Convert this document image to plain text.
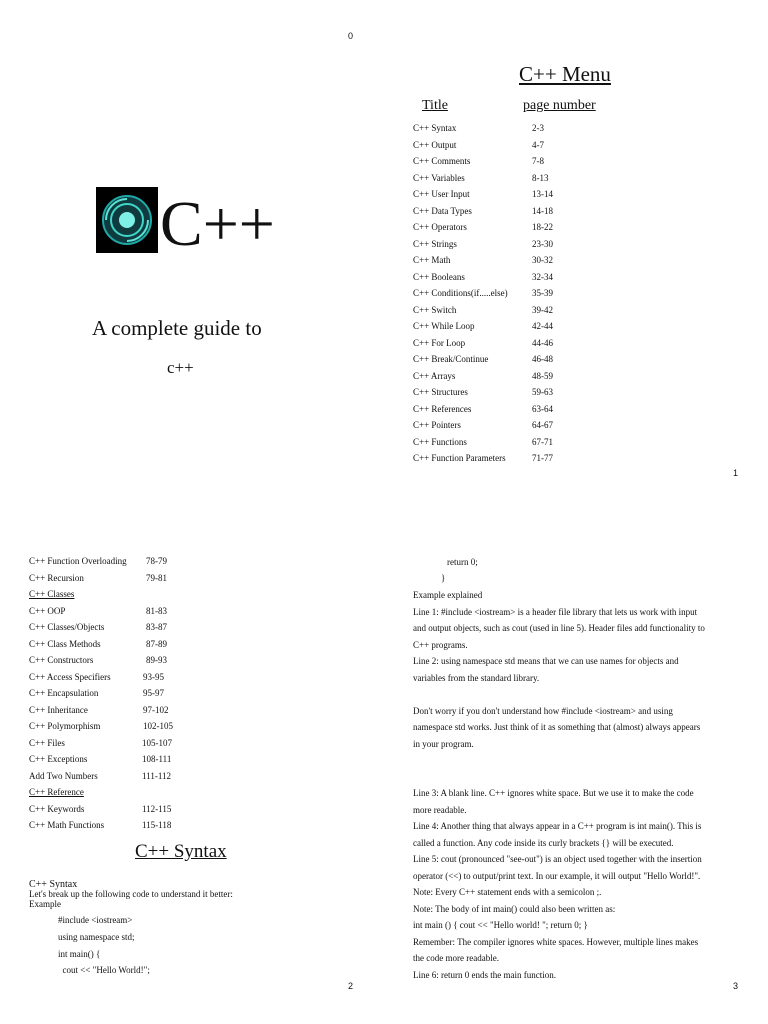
0
1
2	3
C++
A complete guide to
c++
C++ Menu
Title	page number
C++ Syntax	2-3
C++ Output	4-7
C++ Comments	7-8
C++ Variables	8-13
C++ User Input	13-14
C++ Data Types	14-18
C++ Operators	18-22
C++ Strings	23-30
C++ Math	30-32
C++ Booleans	32-34
C++ Conditions(if.....else)	35-39
C++ Switch	39-42
C++ While Loop	42-44
C++ For Loop	44-46
C++ Break/Continue	46-48
C++ Arrays	48-59
C++ Structures	59-63
C++ References	63-64
C++ Pointers	64-67
C++ Functions	67-71
C++ Function Parameters	71-77
C++ Function Overloading 78-79
C++ Recursion	79-81
C++ Classes
C++ OOP	81-83
C++ Classes/Objects	83-87
C++ Class Methods	87-89
C++ Constructors	89-93
C++ Access Specifiers	93-95
C++ Encapsulation	95-97
C++ Inheritance	97-102
C++ Polymorphism	102-105
C++ Files	105-107
C++ Exceptions	108-111
Add Two Numbers	111-112
C++ Reference
C++ Keywords	112-115
C++ Math Functions	115-118
C++ Syntax
C++ Syntax
Let's break up the following code to understand it better:
Example
#include <iostream>
using namespace std;
int main() {
cout << "Hello World!";
return 0;
}
Example explained
Line 1: #include <iostream> is a header file library that lets us work with input
and output objects, such as cout (used in line 5). Header files add functionality to
C++ programs.
Line 2: using namespace std means that we can use names for objects and
variables from the standard library.
Don't worry if you don't understand how #include <iostream> and using
namespace std works. Just think of it as something that (almost) always appears
in your program.
Line 3: A blank line. C++ ignores white space. But we use it to make the code
more readable.
Line 4: Another thing that always appear in a C++ program is int main(). This is
called a function. Any code inside its curly brackets {} will be executed.
Line 5: cout (pronounced "see-out") is an object used together with the insertion
operator (<<) to output/print text. In our example, it will output "Hello World!".
Note: Every C++ statement ends with a semicolon ;.
Note: The body of int main() could also been written as:
int main () { cout << "Hello world! "; return 0; }
Remember: The compiler ignores white spaces. However, multiple lines makes
the code more readable.
Line 6: return 0 ends the main function.
